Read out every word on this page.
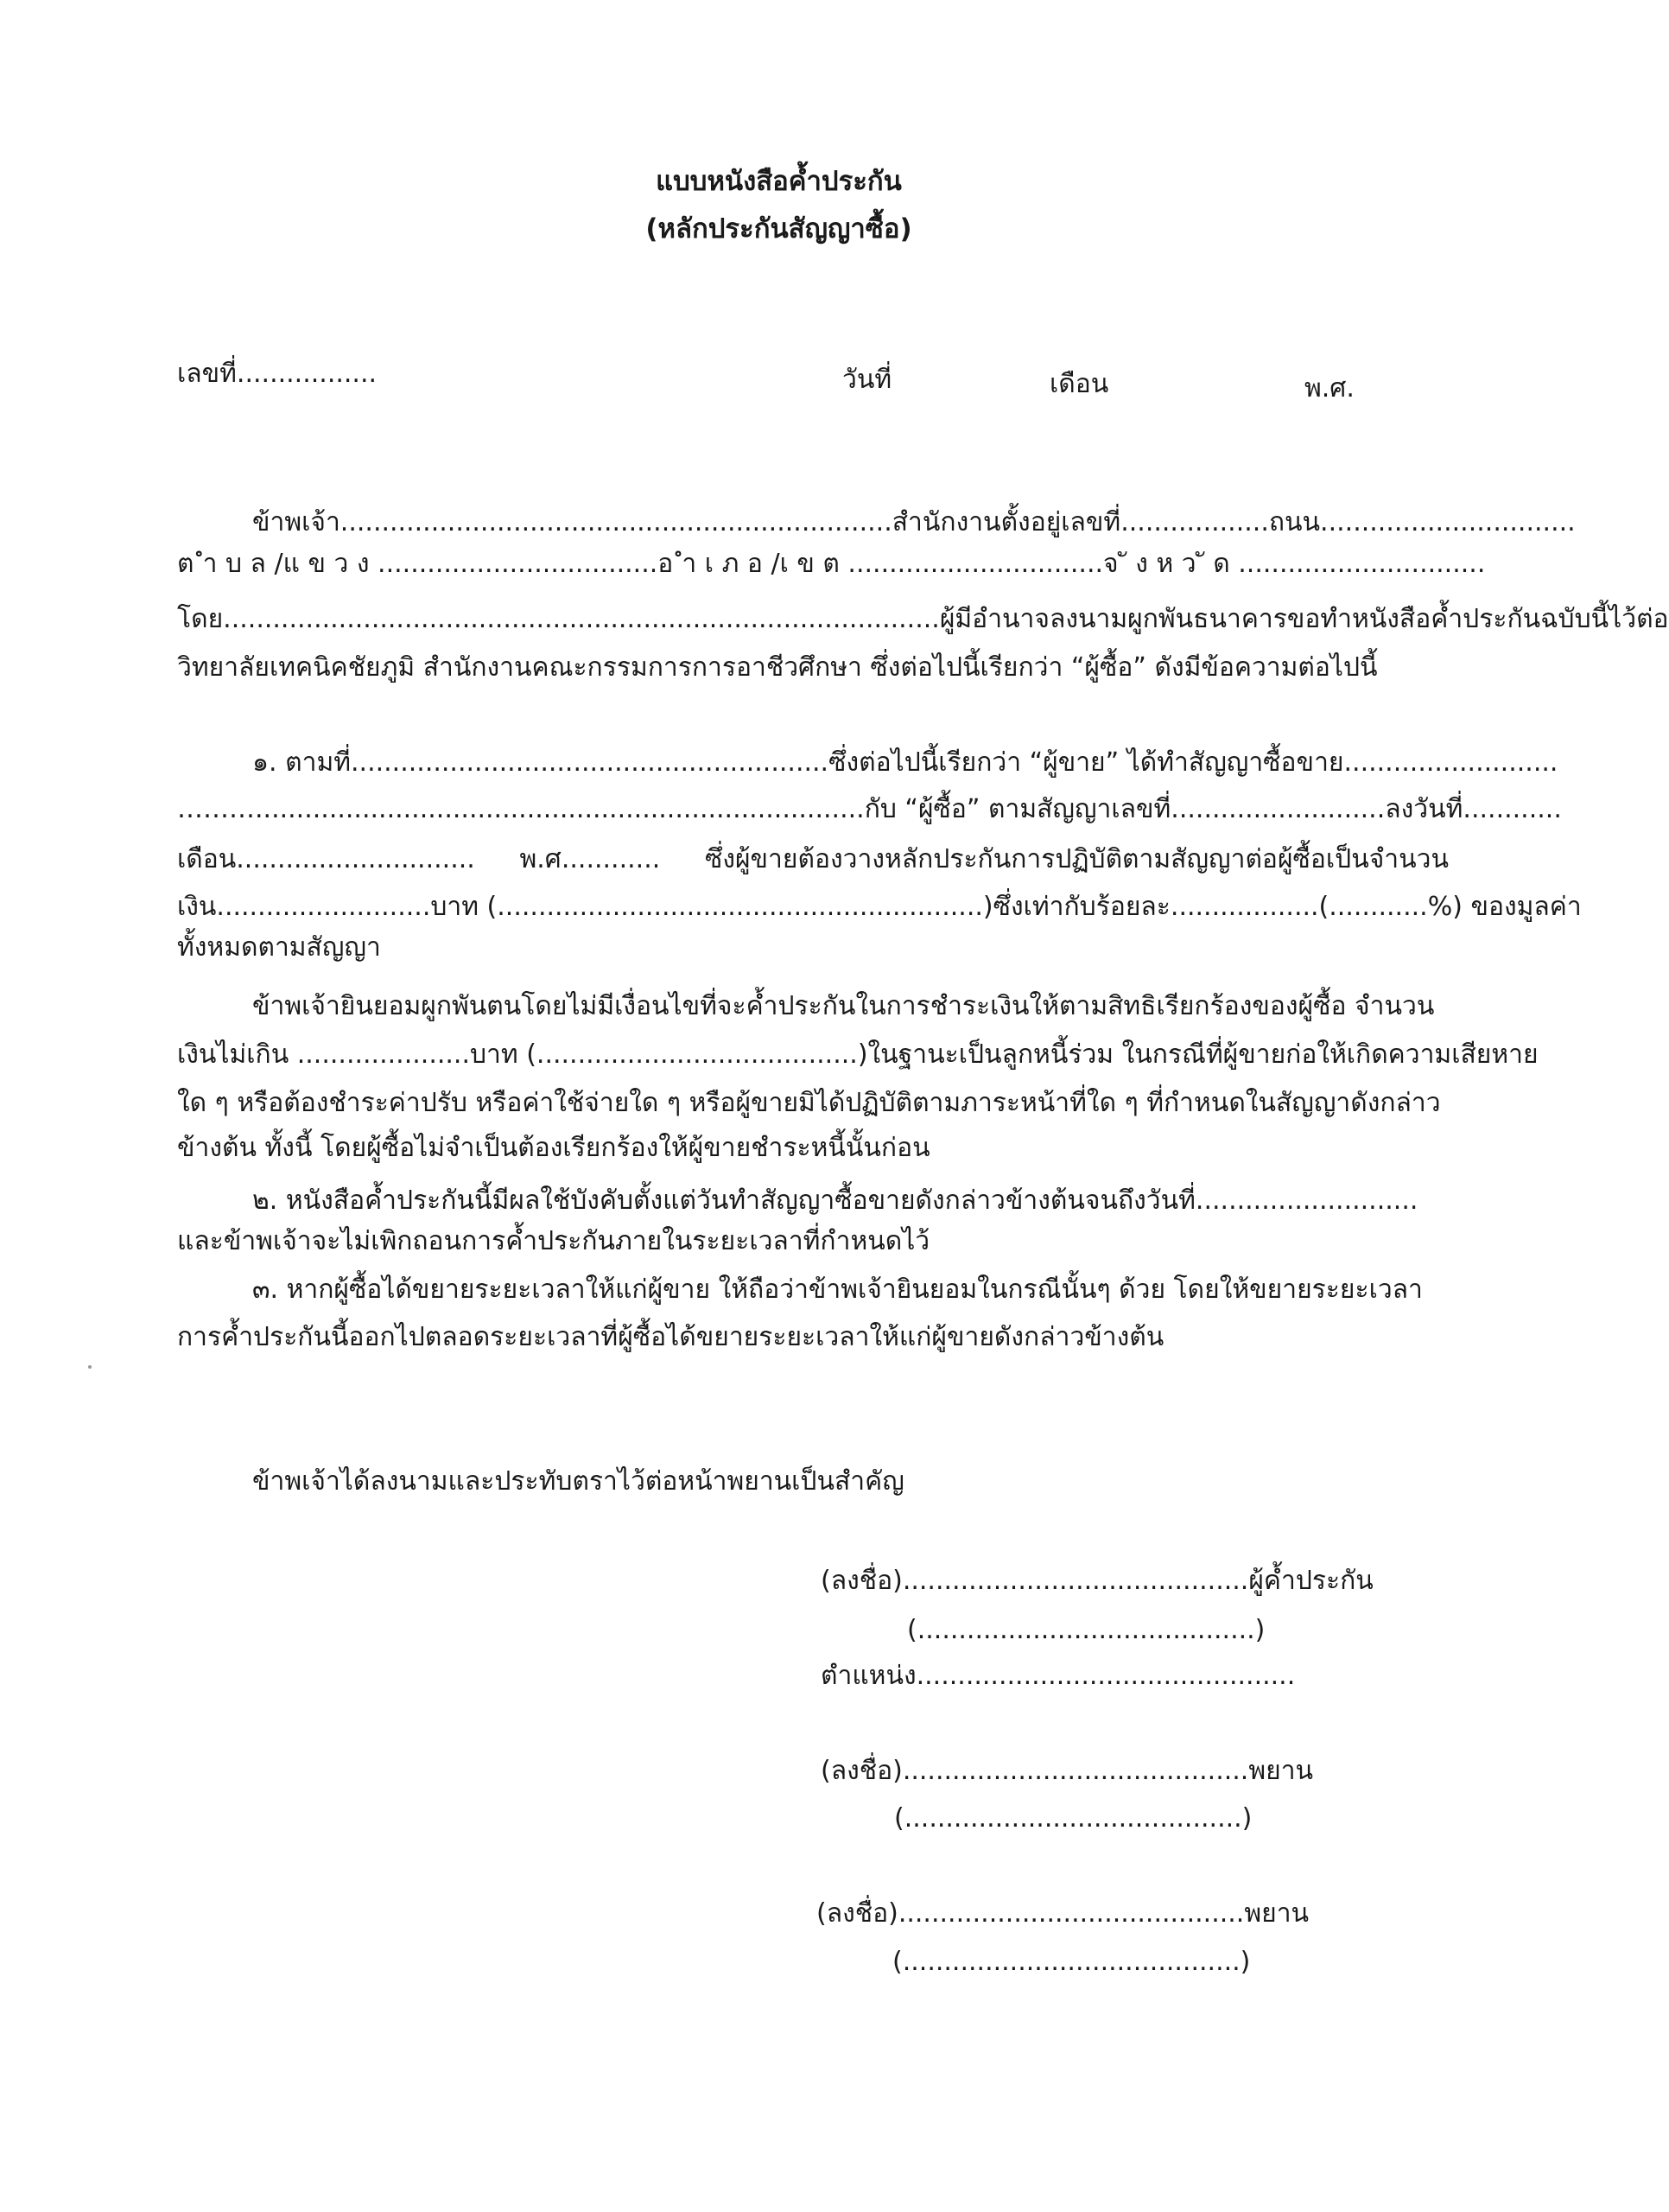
แบบหนังสือค้ำประกัน
(หลักประกันสัญญาซื้อ)
เลขที่.................	วันที่	เดือน	พ.ศ.
ข้าพเจ้า................................................................... สำนักงานตั้งอยู่เลขที่.................. ถนน...............................
ต ำ บ ล /แ ข ว ง .................................. อ ำ เ ภ อ /เ ข ต ............................... จ ั ง ห ว ั ด ..............................
โดย....................................................................................... ผู้มีอำนาจลงนามผูกพันธนาคารขอทำหนังสือค้ำประกันฉบับนี้ไว้ต่อ
วิทยาลัยเทคนิคชัยภูมิ สำนักงานคณะกรรมการการอาชีวศึกษา ซึ่งต่อไปนี้เรียกว่า “ผู้ซื้อ” ดังมีข้อความต่อไปนี้
๑. ตามที่.......................................................... ซึ่งต่อไปนี้เรียกว่า “ผู้ขาย” ได้ทำสัญญาซื้อขาย..........................
……….......................................................................... กับ “ผู้ซื้อ” ตามสัญญาเลขที่.......................... ลงวันที่............
เดือน............................. พ.ศ............ ซึ่งผู้ขายต้องวางหลักประกันการปฏิบัติตามสัญญาต่อผู้ซื้อเป็นจำนวน
เงิน.......................... บาท (...........................................................) ซึ่งเท่ากับร้อยละ..................(............%) ของมูลค่า
ทั้งหมดตามสัญญา
ข้าพเจ้ายินยอมผูกพันตนโดยไม่มีเงื่อนไขที่จะค้ำประกันในการชำระเงินให้ตามสิทธิเรียกร้องของผู้ซื้อ จำนวน
เงินไม่เกิน ..................... บาท (.......................................) ในฐานะเป็นลูกหนี้ร่วม ในกรณีที่ผู้ขายก่อให้เกิดความเสียหาย
ใด ๆ หรือต้องชำระค่าปรับ หรือค่าใช้จ่ายใด ๆ หรือผู้ขายมิได้ปฏิบัติตามภาระหน้าที่ใด ๆ ที่กำหนดในสัญญาดังกล่าว
ข้างต้น ทั้งนี้ โดยผู้ซื้อไม่จำเป็นต้องเรียกร้องให้ผู้ขายชำระหนี้นั้นก่อน
๒. หนังสือค้ำประกันนี้มีผลใช้บังคับตั้งแต่วันทำสัญญาซื้อขายดังกล่าวข้างต้นจนถึงวันที่...........................
และข้าพเจ้าจะไม่เพิกถอนการค้ำประกันภายในระยะเวลาที่กำหนดไว้
๓. หากผู้ซื้อได้ขยายระยะเวลาให้แก่ผู้ขาย ให้ถือว่าข้าพเจ้ายินยอมในกรณีนั้นๆ ด้วย โดยให้ขยายระยะเวลา
การค้ำประกันนี้ออกไปตลอดระยะเวลาที่ผู้ซื้อได้ขยายระยะเวลาให้แก่ผู้ขายดังกล่าวข้างต้น
ข้าพเจ้าได้ลงนามและประทับตราไว้ต่อหน้าพยานเป็นสำคัญ
(ลงชื่อ)..........................................ผู้ค้ำประกัน
(.........................................)
ตำแหน่ง..............................................
(ลงชื่อ)..........................................พยาน
(.........................................)
(ลงชื่อ)..........................................พยาน
(.........................................)
